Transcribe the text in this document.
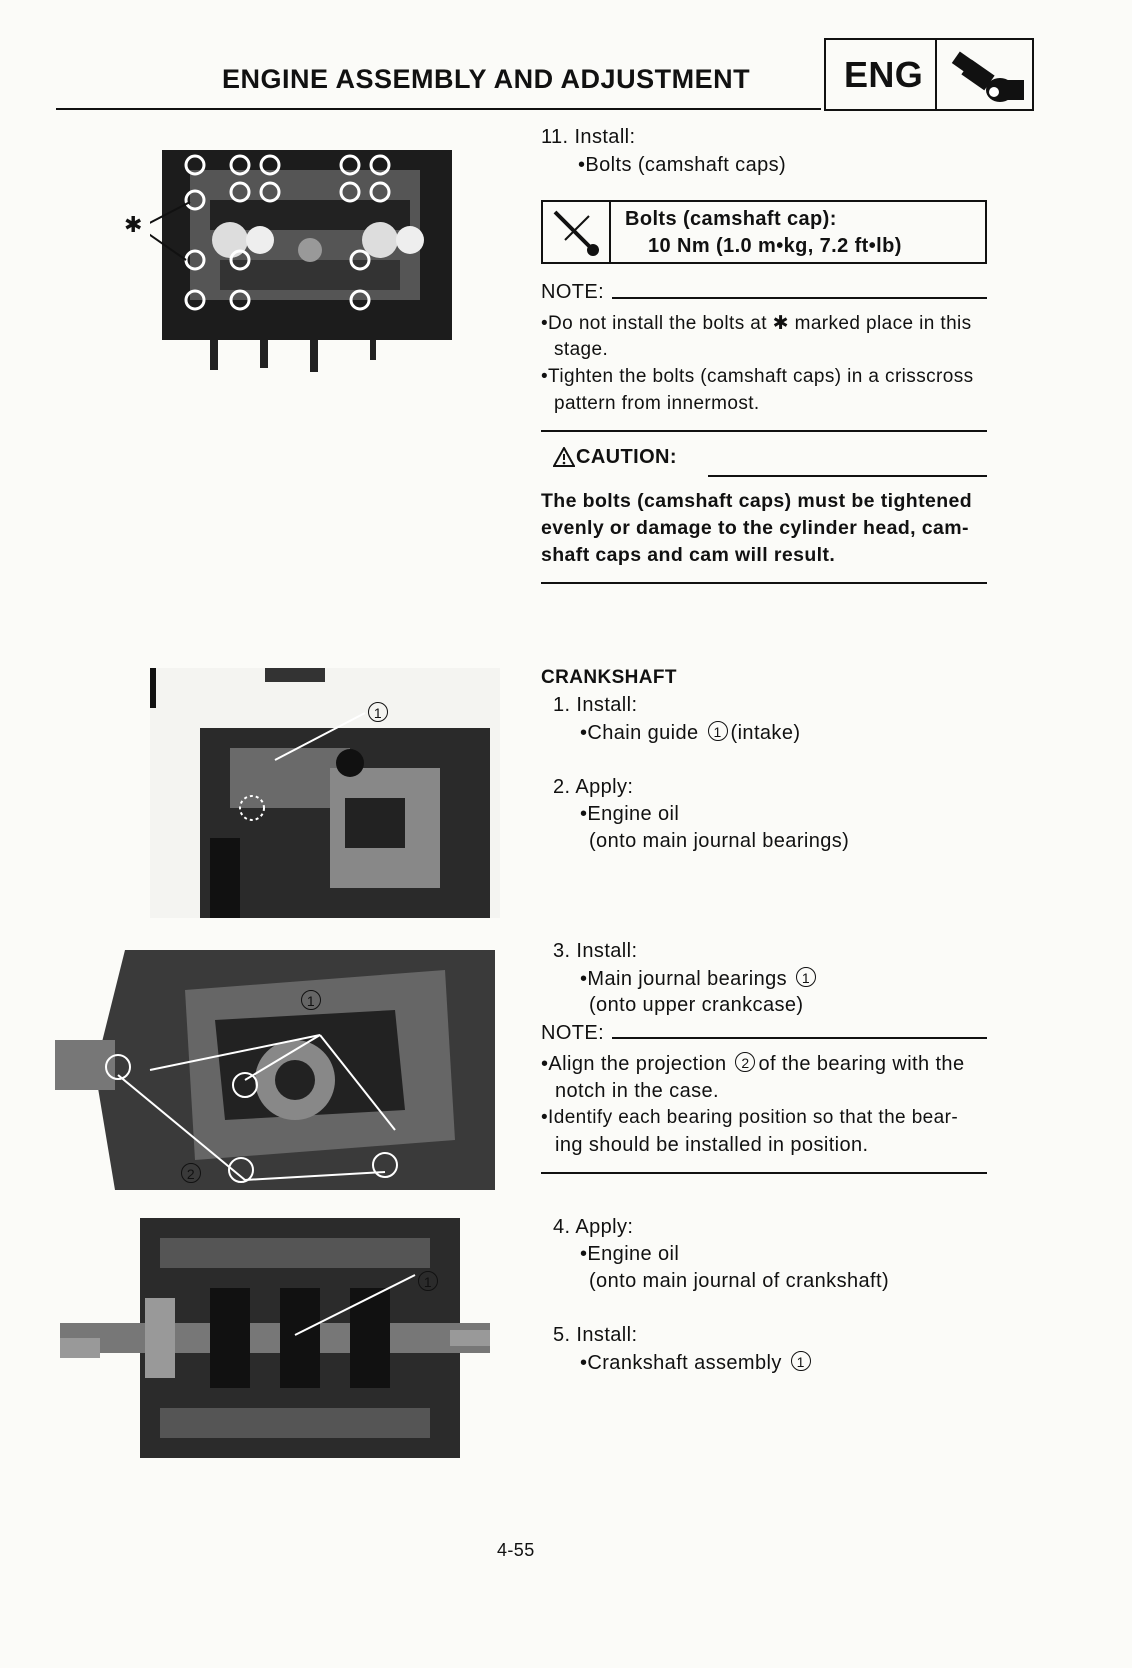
ENGINE ASSEMBLY AND ADJUSTMENT	ENG
✱
11. Install:
•Bolts (camshaft caps)
Bolts (camshaft cap):
10 Nm (1.0 m•kg, 7.2 ft•lb)
NOTE:
•Do not install the bolts at ✱ marked place in this
stage.
•Tighten the bolts (camshaft caps) in a crisscross
pattern from innermost.
CAUTION:
The bolts (camshaft caps) must be tightened
evenly or damage to the cylinder head, cam-
shaft caps and cam will result.
1
1
2
1
CRANKSHAFT
1. Install:
•Chain guide 1 (intake)
2. Apply:
•Engine oil
(onto main journal bearings)
3. Install:
•Main journal bearings 1
(onto upper crankcase)
NOTE:
•Align the projection 2 of the bearing with the
notch in the case.
•Identify each bearing position so that the bear-
ing should be installed in position.
4. Apply:
•Engine oil
(onto main journal of crankshaft)
5. Install:
•Crankshaft assembly 1
4-55
